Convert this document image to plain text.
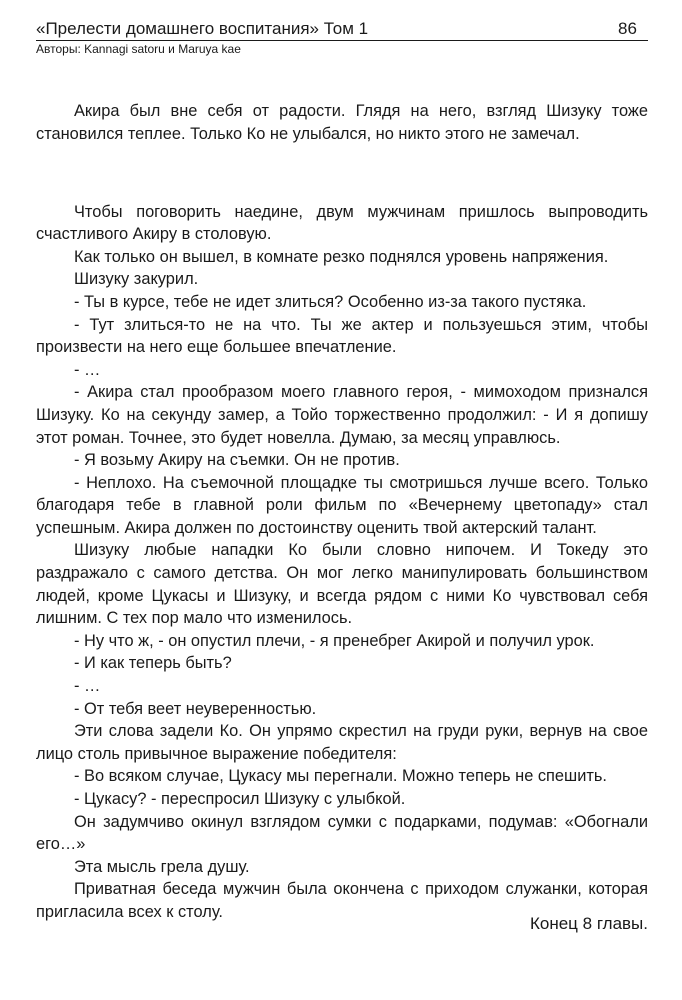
«Прелести домашнего воспитания» Том 1
Авторы: Kannagi satoru и Maruya kae
86

Акира был вне себя от радости. Глядя на него, взгляд Шизуку тоже становился теплее. Только Ко не улыбался, но никто этого не замечал.

Чтобы поговорить наедине, двум мужчинам пришлось выпроводить счастливого Акиру в столовую.

Как только он вышел, в комнате резко поднялся уровень напряжения.

Шизуку закурил.

- Ты в курсе, тебе не идет злиться? Особенно из-за такого пустяка.

- Тут злиться-то не на что. Ты же актер и пользуешься этим, чтобы произвести на него еще большее впечатление.

- …

- Акира стал прообразом моего главного героя, - мимоходом признался Шизуку. Ко на секунду замер, а Тойо торжественно продолжил: - И я допишу этот роман. Точнее, это будет новелла. Думаю, за месяц управлюсь.

- Я возьму Акиру на съемки. Он не против.

- Неплохо. На съемочной площадке ты смотришься лучше всего. Только благодаря тебе в главной роли фильм по «Вечернему цветопаду» стал успешным. Акира должен по достоинству оценить твой актерский талант.

Шизуку любые нападки Ко были словно нипочем. И Токеду это раздражало с самого детства. Он мог легко манипулировать большинством людей, кроме Цукасы и Шизуку, и всегда рядом с ними Ко чувствовал себя лишним. С тех пор мало что изменилось.

- Ну что ж, - он опустил плечи, - я пренебрег Акирой и получил урок.

- И как теперь быть?

- …

- От тебя веет неуверенностью.

Эти слова задели Ко. Он упрямо скрестил на груди руки, вернув на свое лицо столь привычное выражение победителя:

- Во всяком случае, Цукасу мы перегнали. Можно теперь не спешить.

- Цукасу? - переспросил Шизуку с улыбкой.

Он задумчиво окинул взглядом сумки с подарками, подумав: «Обогнали его…»

Эта мысль грела душу.

Приватная беседа мужчин была окончена с приходом служанки, которая пригласила всех к столу.

Конец 8 главы.
